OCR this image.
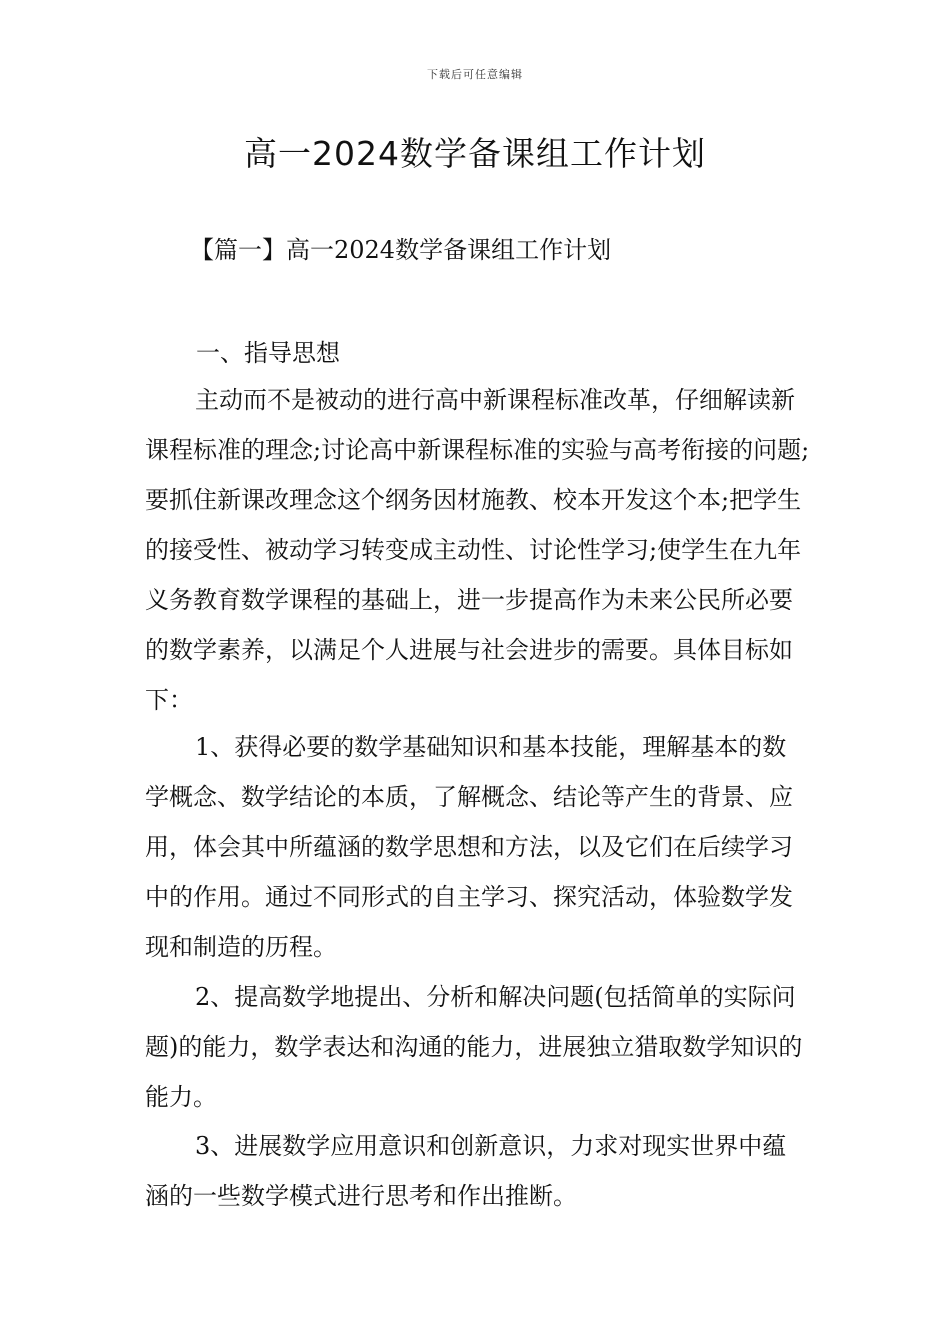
下载后可任意编辑
高一2024数学备课组工作计划
【篇一】高一2024数学备课组工作计划
一、指导思想

主动而不是被动的进行高中新课程标准改革，仔细解读新课程标准的理念;讨论高中新课程标准的实验与高考衔接的问题;要抓住新课改理念这个纲务因材施教、校本开发这个本;把学生的接受性、被动学习转变成主动性、讨论性学习;使学生在九年义务教育数学课程的基础上，进一步提高作为未来公民所必要的数学素养，以满足个人进展与社会进步的需要。具体目标如下：

1、获得必要的数学基础知识和基本技能，理解基本的数学概念、数学结论的本质，了解概念、结论等产生的背景、应用，体会其中所蕴涵的数学思想和方法，以及它们在后续学习中的作用。通过不同形式的自主学习、探究活动，体验数学发现和制造的历程。

2、提高数学地提出、分析和解决问题(包括简单的实际问题)的能力，数学表达和沟通的能力，进展独立猎取数学知识的能力。

3、进展数学应用意识和创新意识，力求对现实世界中蕴涵的一些数学模式进行思考和作出推断。
